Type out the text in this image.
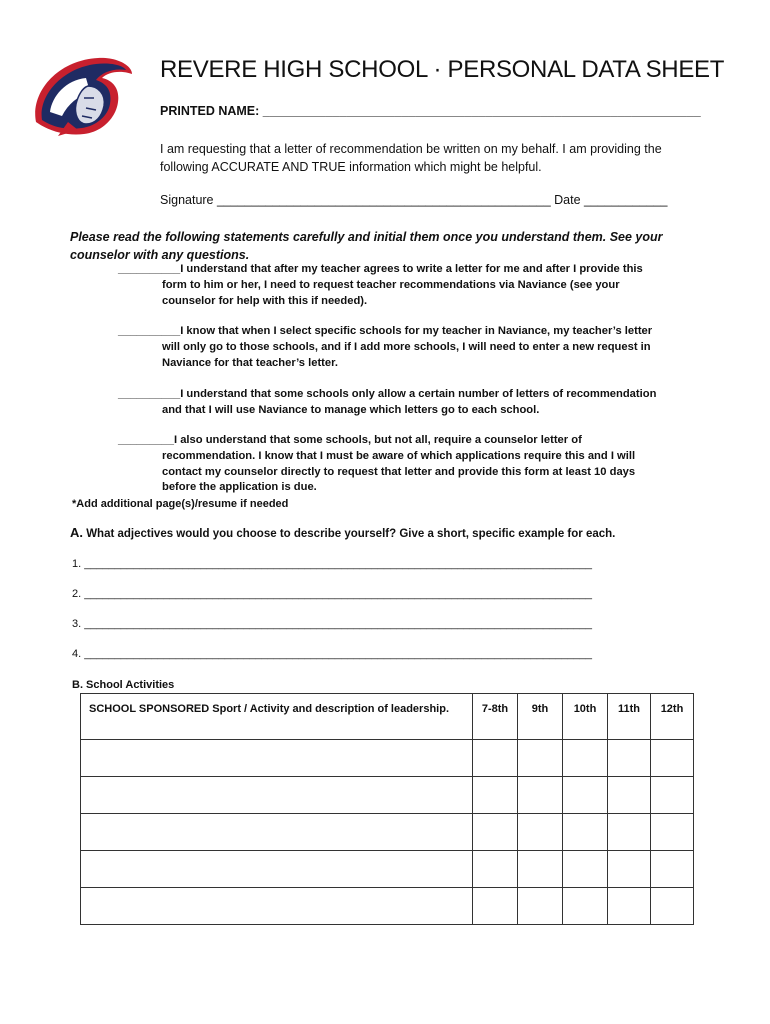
REVERE HIGH SCHOOL · PERSONAL DATA SHEET
PRINTED NAME: _______________________________________________________________
I am requesting that a letter of recommendation be written on my behalf. I am providing the
following ACCURATE AND TRUE information which might be helpful.
Signature ________________________________________________ Date ____________
Please read the following statements carefully and initial them once you understand them. See your
counselor with any questions.
__________I understand that after my teacher agrees to write a letter for me and after I provide this
form to him or her, I need to request teacher recommendations via Naviance (see your
counselor for help with this if needed).
__________I know that when I select specific schools for my teacher in Naviance, my teacher’s letter
will only go to those schools, and if I add more schools, I will need to enter a new request in
Naviance for that teacher’s letter.
__________I understand that some schools only allow a certain number of letters of recommendation
and that I will use Naviance to manage which letters go to each school.
_________I also understand that some schools, but not all, require a counselor letter of
recommendation. I know that I must be aware of which applications require this and I will
contact my counselor directly to request that letter and provide this form at least 10 days
before the application is due.
*Add additional page(s)/resume if needed
A. What adjectives would you choose to describe yourself? Give a short, specific example for each.
1. ___________________________________________________________________________________
2. ___________________________________________________________________________________
3. ___________________________________________________________________________________
4. ___________________________________________________________________________________
B. School Activities
SCHOOL SPONSORED Sport / Activity and description of leadership.	7-8th	9th	10th	11th	12th
